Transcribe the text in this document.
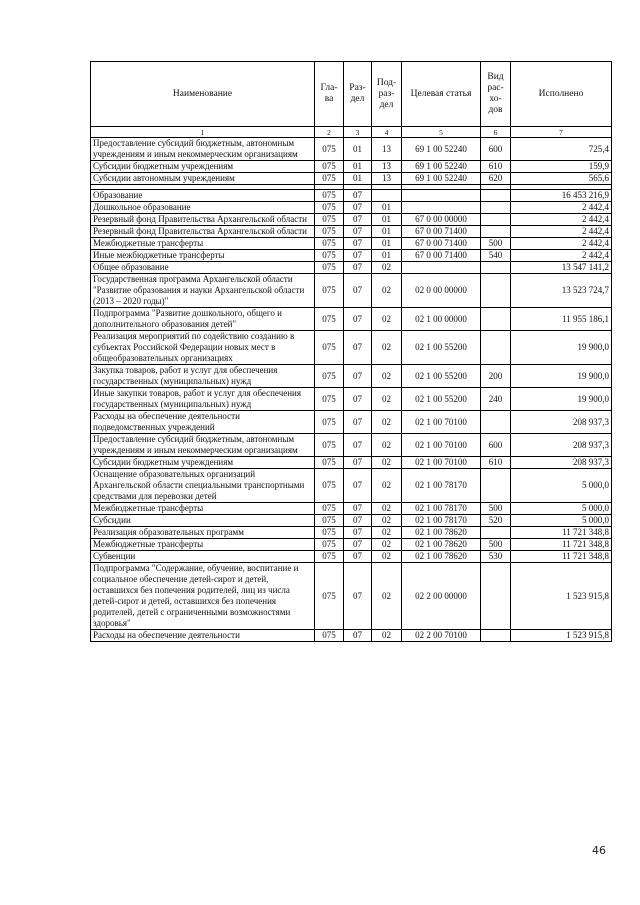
Наименование	Гла-ва	Раз-дел	Под-раз-дел	Целевая статья	Вид рас-хо-дов	Исполнено
1	2	3	4	5	6	7
Предоставление субсидий бюджетным, автономным учреждениям и иным некоммерческим организациям	075	01	13	69 1 00 52240	600	725,4
Субсидии бюджетным учреждениям	075	01	13	69 1 00 52240	610	159,9
Субсидии автономным учреждениям	075	01	13	69 1 00 52240	620	565,6

Образование	075	07				16 453 216,9
Дошкольное образование	075	07	01			2 442,4
Резервный фонд Правительства Архангельской области	075	07	01	67 0 00 00000		2 442,4
Резервный фонд Правительства Архангельской области	075	07	01	67 0 00 71400		2 442,4
Межбюджетные трансферты	075	07	01	67 0 00 71400	500	2 442,4
Иные межбюджетные трансферты	075	07	01	67 0 00 71400	540	2 442,4
Общее образование	075	07	02			13 547 141,2
Государственная программа Архангельской области "Развитие образования и науки Архангельской области (2013 – 2020 годы)"	075	07	02	02 0 00 00000		13 523 724,7
Подпрограмма "Развитие дошкольного, общего и дополнительного образования детей"	075	07	02	02 1 00 00000		11 955 186,1
Реализация мероприятий по содействию созданию в субъектах Российской Федерации новых мест в общеобразовательных организациях	075	07	02	02 1 00 55200		19 900,0
Закупка товаров, работ и услуг для обеспечения государственных (муниципальных) нужд	075	07	02	02 1 00 55200	200	19 900,0
Иные закупки товаров, работ и услуг для обеспечения государственных (муниципальных) нужд	075	07	02	02 1 00 55200	240	19 900,0
Расходы на обеспечение деятельности подведомственных учреждений	075	07	02	02 1 00 70100		208 937,3
Предоставление субсидий бюджетным, автономным учреждениям и иным некоммерческим организациям	075	07	02	02 1 00 70100	600	208 937,3
Субсидии бюджетным учреждениям	075	07	02	02 1 00 70100	610	208 937,3
Оснащение образовательных организаций Архангельской области специальными транспортными средствами для перевозки детей	075	07	02	02 1 00 78170		5 000,0
Межбюджетные трансферты	075	07	02	02 1 00 78170	500	5 000,0
Субсидии	075	07	02	02 1 00 78170	520	5 000,0
Реализация образовательных программ	075	07	02	02 1 00 78620		11 721 348,8
Межбюджетные трансферты	075	07	02	02 1 00 78620	500	11 721 348,8
Субвенции	075	07	02	02 1 00 78620	530	11 721 348,8
Подпрограмма "Содержание, обучение, воспитание и социальное обеспечение детей-сирот и детей, оставшихся без попечения родителей, лиц из числа детей-сирот и детей, оставшихся без попечения родителей, детей с ограниченными возможностями здоровья"	075	07	02	02 2 00 00000		1 523 915,8
Расходы на обеспечение деятельности	075	07	02	02 2 00 70100		1 523 915,8
46
